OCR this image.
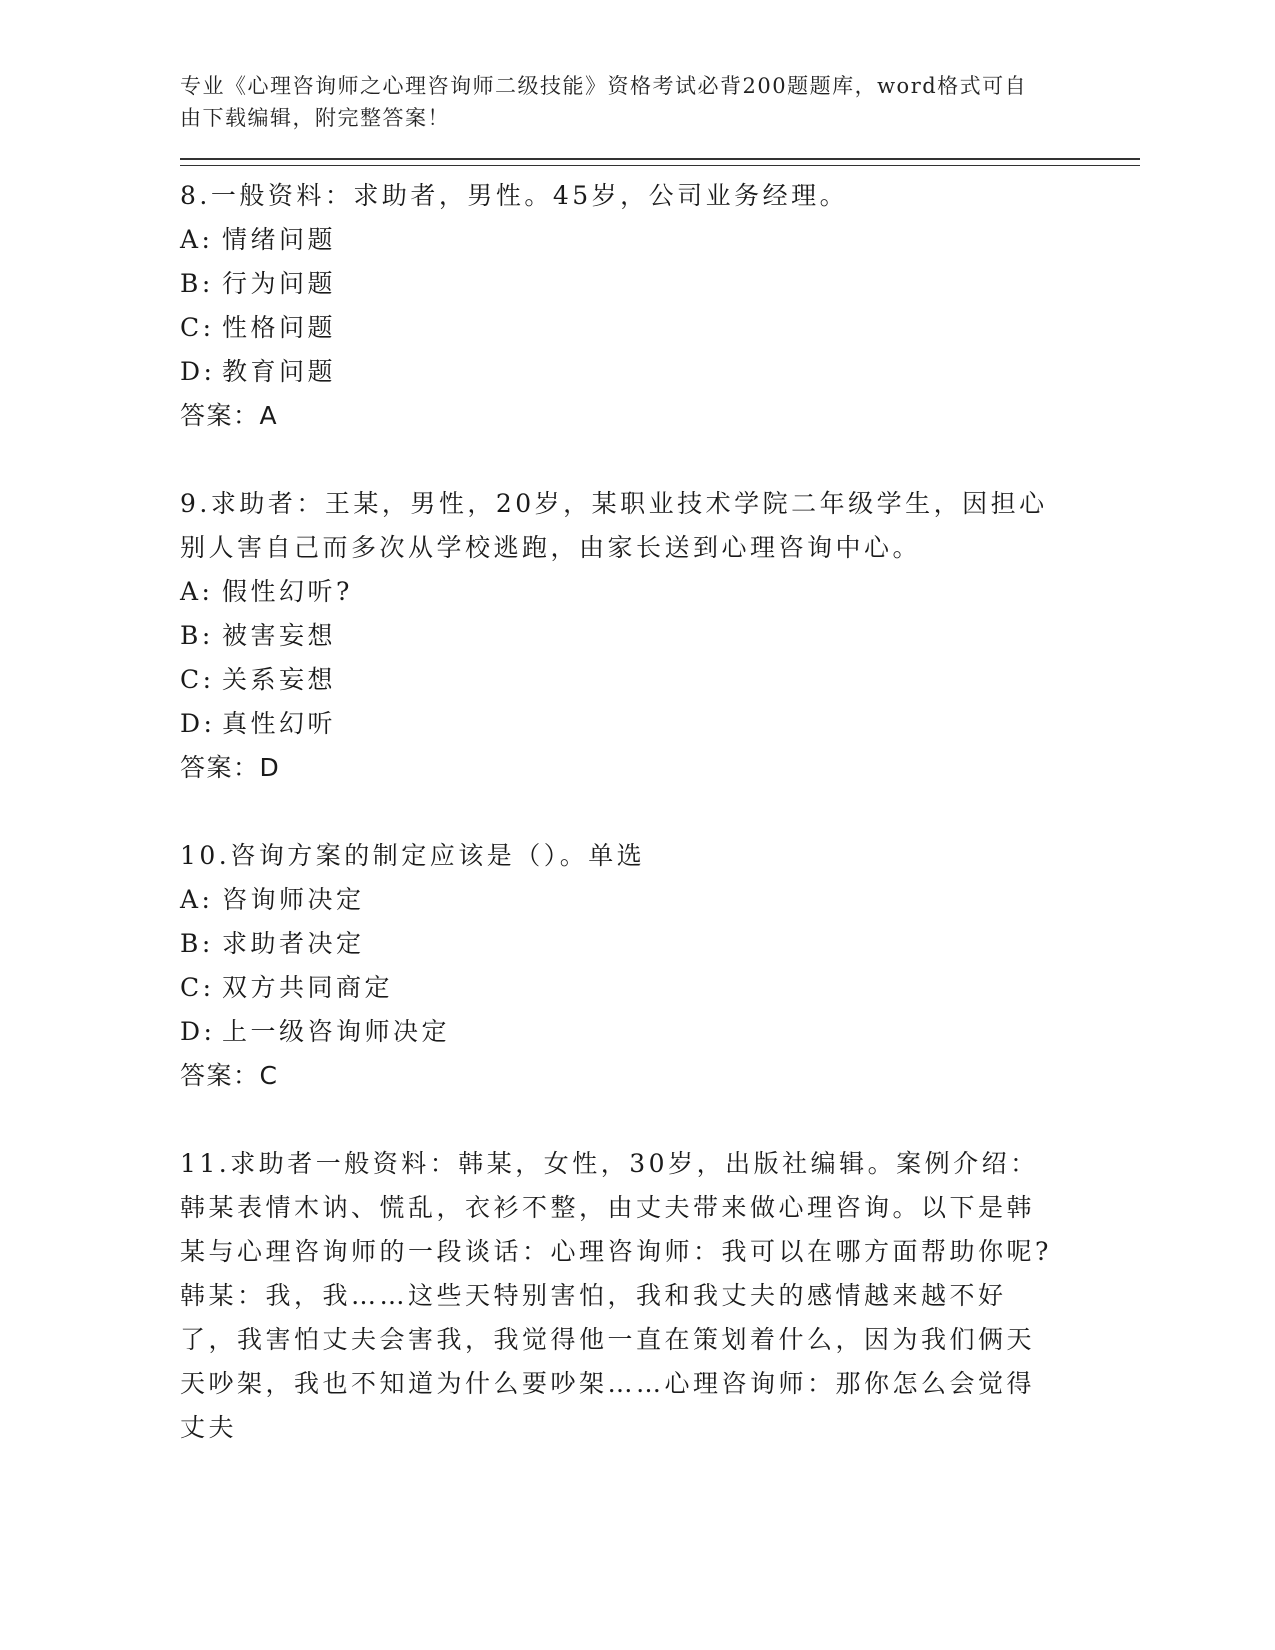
专业《心理咨询师之心理咨询师二级技能》资格考试必背200题题库，word格式可自由下载编辑，附完整答案！
8.一般资料：求助者，男性。45岁，公司业务经理。
A: 情绪问题
B: 行为问题
C: 性格问题
D: 教育问题
答案：A
9.求助者：王某，男性，20岁，某职业技术学院二年级学生，因担心别人害自己而多次从学校逃跑，由家长送到心理咨询中心。
A: 假性幻听?
B: 被害妄想
C: 关系妄想
D: 真性幻听
答案：D
10.咨询方案的制定应该是（）。单选
A: 咨询师决定
B: 求助者决定
C: 双方共同商定
D: 上一级咨询师决定
答案：C
11.求助者一般资料：韩某，女性，30岁，出版社编辑。案例介绍：韩某表情木讷、慌乱，衣衫不整，由丈夫带来做心理咨询。以下是韩某与心理咨询师的一段谈话：心理咨询师：我可以在哪方面帮助你呢?韩某：我，我……这些天特别害怕，我和我丈夫的感情越来越不好了，我害怕丈夫会害我，我觉得他一直在策划着什么，因为我们俩天天吵架，我也不知道为什么要吵架……心理咨询师：那你怎么会觉得丈夫
